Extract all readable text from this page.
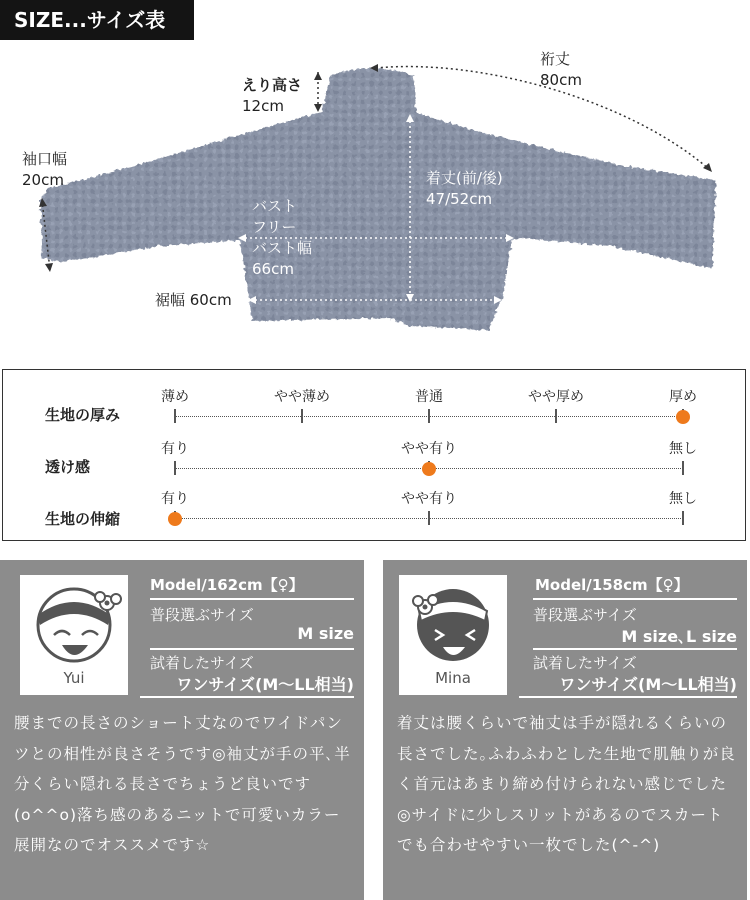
SIZE...サイズ表
えり高さ
12cm
裄丈
80cm
袖口幅
20cm	着丈(前/後)
47/52cm
バスト
フリー
バスト幅
66cm
裾幅 60cm
生地の厚み
透け感
生地の伸縮
薄め	やや薄め	普通	やや厚め	厚め
有り	やや有り	無し
有り	やや有り	無し
Yui
Model/162cm【♀】
普段選ぶサイズ
M size
試着したサイズ
ワンサイズ(M〜LL相当)
腰までの長さのショート丈なのでワイドパンツとの相性が良さそうです◎袖丈が手の平､半分くらい隠れる長さでちょうど良いです(o^^o)落ち感のあるニットで可愛いカラー展開なのでオススメです☆
Mina
Model/158cm【♀】
普段選ぶサイズ
M size､L size
試着したサイズ
ワンサイズ(M〜LL相当)
着丈は腰くらいで袖丈は手が隠れるくらいの長さでした｡ふわふわとした生地で肌触りが良く首元はあまり締め付けられない感じでした◎サイドに少しスリットがあるのでスカートでも合わせやすい一枚でした(^-^)
